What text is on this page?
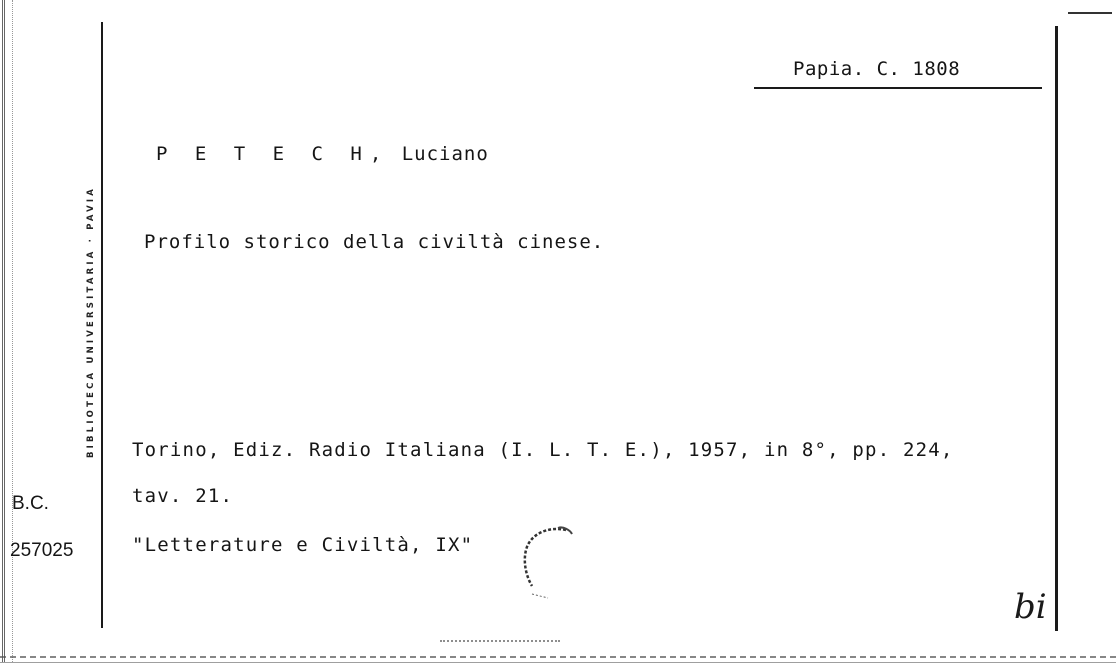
BIBLIOTECA UNIVERSITARIA · PAVIA
Papia. C. 1808
P E T E C H, Luciano
Profilo storico della civiltà cinese.
Torino, Ediz. Radio Italiana (I. L. T. E.), 1957, in 8°, pp. 224,
tav. 21.
"Letterature e Civiltà, IX"
B.C.
257025
bi
